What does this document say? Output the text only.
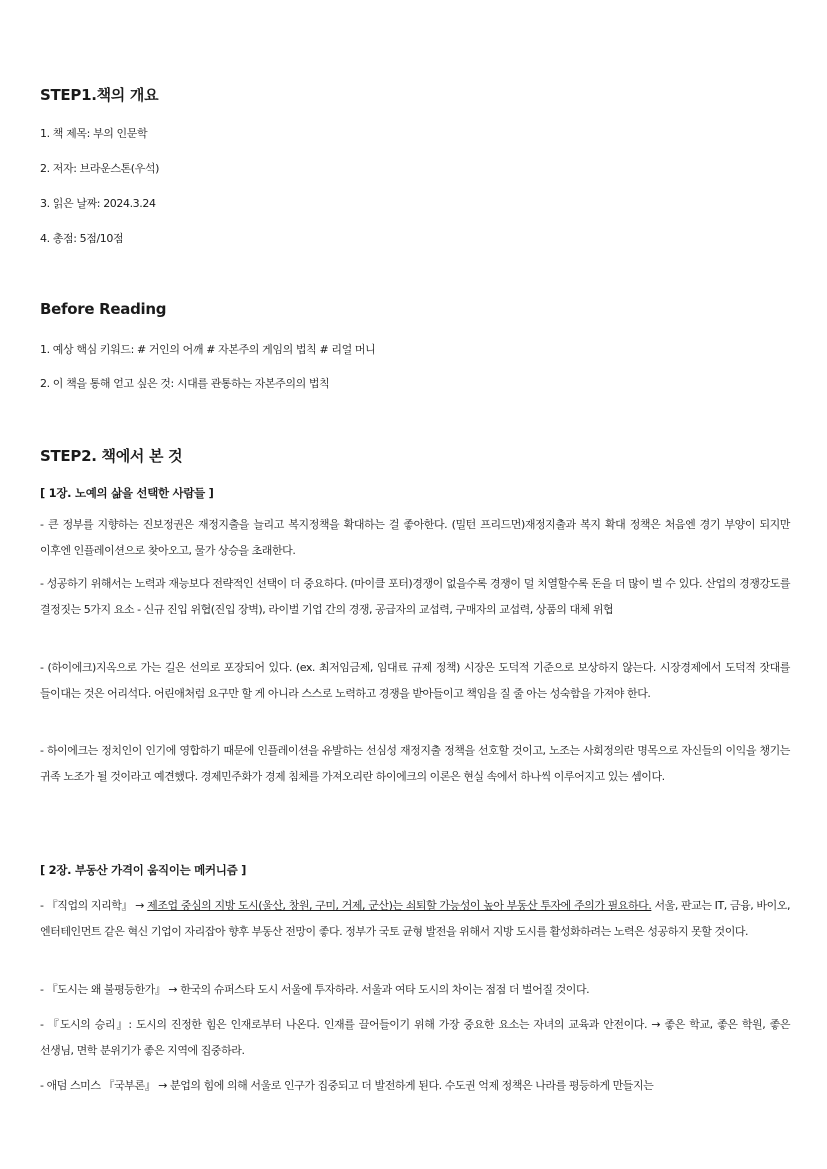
STEP1.책의 개요
1. 책 제목: 부의 인문학
2. 저자: 브라운스톤(우석)
3. 읽은 날짜: 2024.3.24
4. 총점: 5점/10점
Before Reading
1. 예상 핵심 키워드: # 거인의 어깨 # 자본주의 게임의 법칙 # 리얼 머니
2. 이 책을 통해 얻고 싶은 것: 시대를 관통하는 자본주의의 법칙
STEP2. 책에서 본 것
[ 1장. 노예의 삶을 선택한 사람들 ]
- 큰 정부를 지향하는 진보정권은 재정지출을 늘리고 복지정책을 확대하는 걸 좋아한다. (밀턴 프리드먼)재정지출과 복지 확대 정책은 처음엔 경기 부양이 되지만 이후엔 인플레이션으로 찾아오고, 물가 상승을 초래한다.
- 성공하기 위해서는 노력과 재능보다 전략적인 선택이 더 중요하다. (마이클 포터)경쟁이 없을수록 경쟁이 덜 치열할수록 돈을 더 많이 벌 수 있다. 산업의 경쟁강도를 결정짓는 5가지 요소 - 신규 진입 위협(진입 장벽), 라이벌 기업 간의 경쟁, 공급자의 교섭력, 구매자의 교섭력, 상품의 대체 위협
- (하이에크)지옥으로 가는 길은 선의로 포장되어 있다. (ex. 최저임금제, 임대료 규제 정책) 시장은 도덕적 기준으로 보상하지 않는다. 시장경제에서 도덕적 잣대를 들이대는 것은 어리석다. 어린애처럼 요구만 할 게 아니라 스스로 노력하고 경쟁을 받아들이고 책임을 질 줄 아는 성숙함을 가져야 한다.
- 하이에크는 정치인이 인기에 영합하기 때문에 인플레이션을 유발하는 선심성 재정지출 정책을 선호할 것이고, 노조는 사회정의란 명목으로 자신들의 이익을 챙기는 귀족 노조가 될 것이라고 예견했다. 경제민주화가 경제 침체를 가져오리란 하이에크의 이론은 현실 속에서 하나씩 이루어지고 있는 셈이다.
[ 2장. 부동산 가격이 움직이는 메커니즘 ]
- 『직업의 지리학』 → 제조업 중심의 지방 도시(울산, 창원, 구미, 거제, 군산)는 쇠퇴할 가능성이 높아 부동산 투자에 주의가 필요하다. 서울, 판교는 IT, 금융, 바이오, 엔터테인먼트 같은 혁신 기업이 자리잡아 향후 부동산 전망이 좋다. 정부가 국토 균형 발전을 위해서 지방 도시를 활성화하려는 노력은 성공하지 못할 것이다.
- 『도시는 왜 불평등한가』 → 한국의 슈퍼스타 도시 서울에 투자하라. 서울과 여타 도시의 차이는 점점 더 벌어질 것이다.
- 『도시의 승리』: 도시의 진정한 힘은 인재로부터 나온다. 인재를 끌어들이기 위해 가장 중요한 요소는 자녀의 교육과 안전이다. → 좋은 학교, 좋은 학원, 좋은 선생님, 면학 분위기가 좋은 지역에 집중하라.
- 애덤 스미스 『국부론』 → 분업의 힘에 의해 서울로 인구가 집중되고 더 발전하게 된다. 수도권 억제 정책은 나라를 평등하게 만들지는
